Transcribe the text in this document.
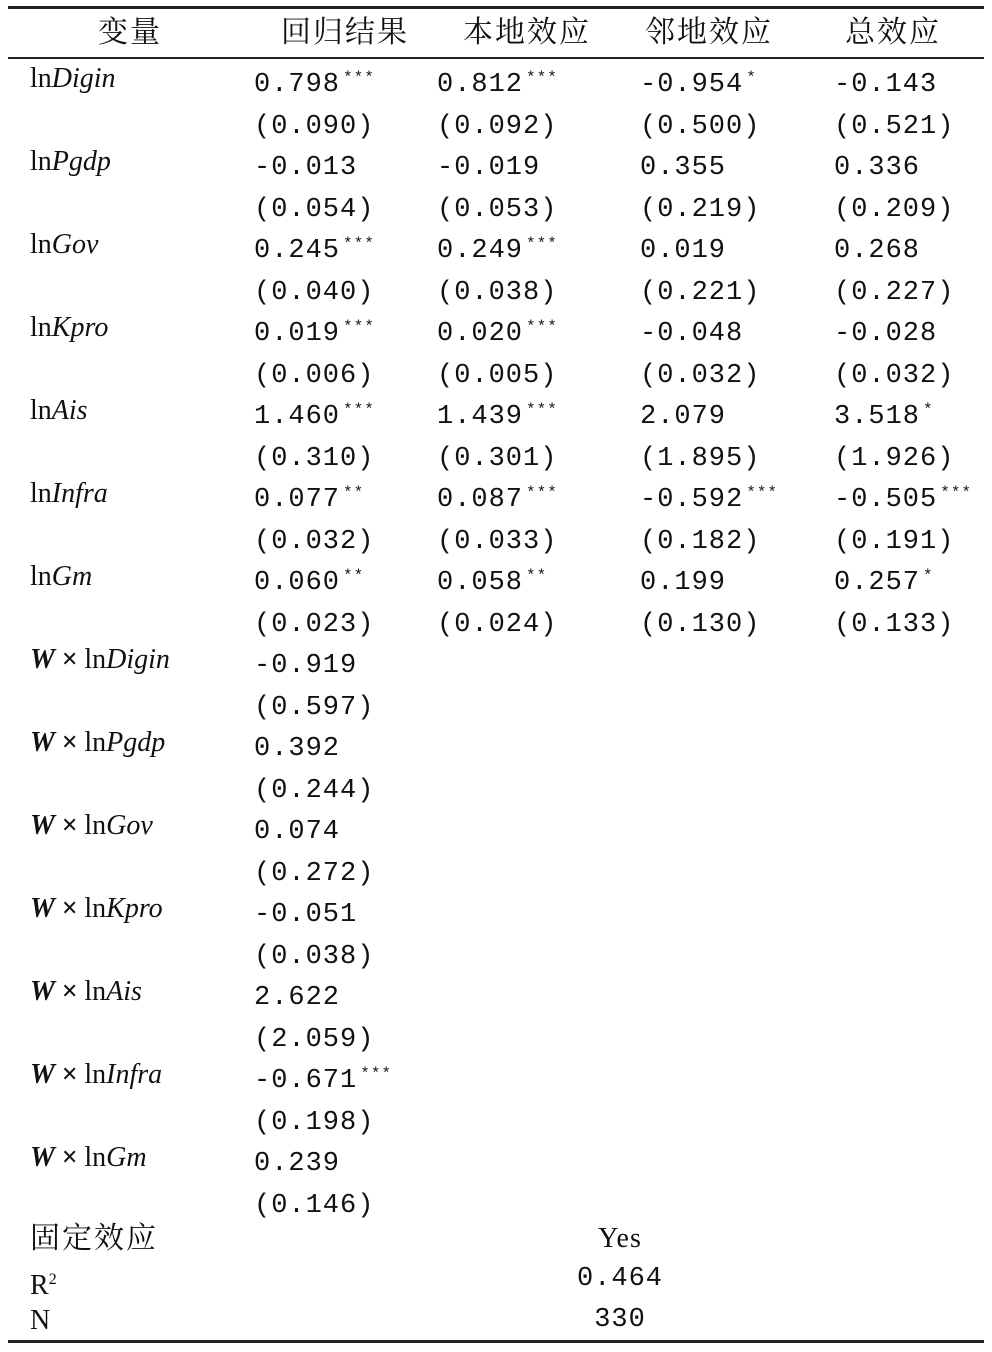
变量	回归结果 本地效应 邻地效应 总效应
lnDigin	0.798 *** 0.812 ***	-0.954 *	-0.143
(0.090) (0.092)	(0.500)	(0.521)
lnPgdp	-0.013	-0.019	0.355	0.336
(0.054) (0.053)	(0.219)	(0.209)
lnGov	0.245 *** 0.249 ***	0.019	0.268
(0.040) (0.038)	(0.221)	(0.227)
lnKpro	0.019 *** 0.020 ***	-0.048	-0.028
(0.006) (0.005)	(0.032)	(0.032)
lnAis	1.460 *** 1.439 ***	2.079	3.518 *
(0.310) (0.301)	(1.895)	(1.926)
lnInfra	0.077 **	0.087 ***	-0.592 *** -0.505 ***
(0.032) (0.033)	(0.182)	(0.191)
lnGm	0.060 **	0.058 **	0.199	0.257 *
(0.023) (0.024)	(0.130)	(0.133)
W × lnDigin	-0.919
(0.597)
W × lnPgdp	0.392
(0.244)
W × lnGov	0.074
(0.272)
W × lnKpro	-0.051
(0.038)
W × lnAis	2.622
(2.059)
W × lnInfra	-0.671 ***
(0.198)
W × lnGm	0.239
(0.146)
固定效应	Yes
$R^2$	0.464
N	330
